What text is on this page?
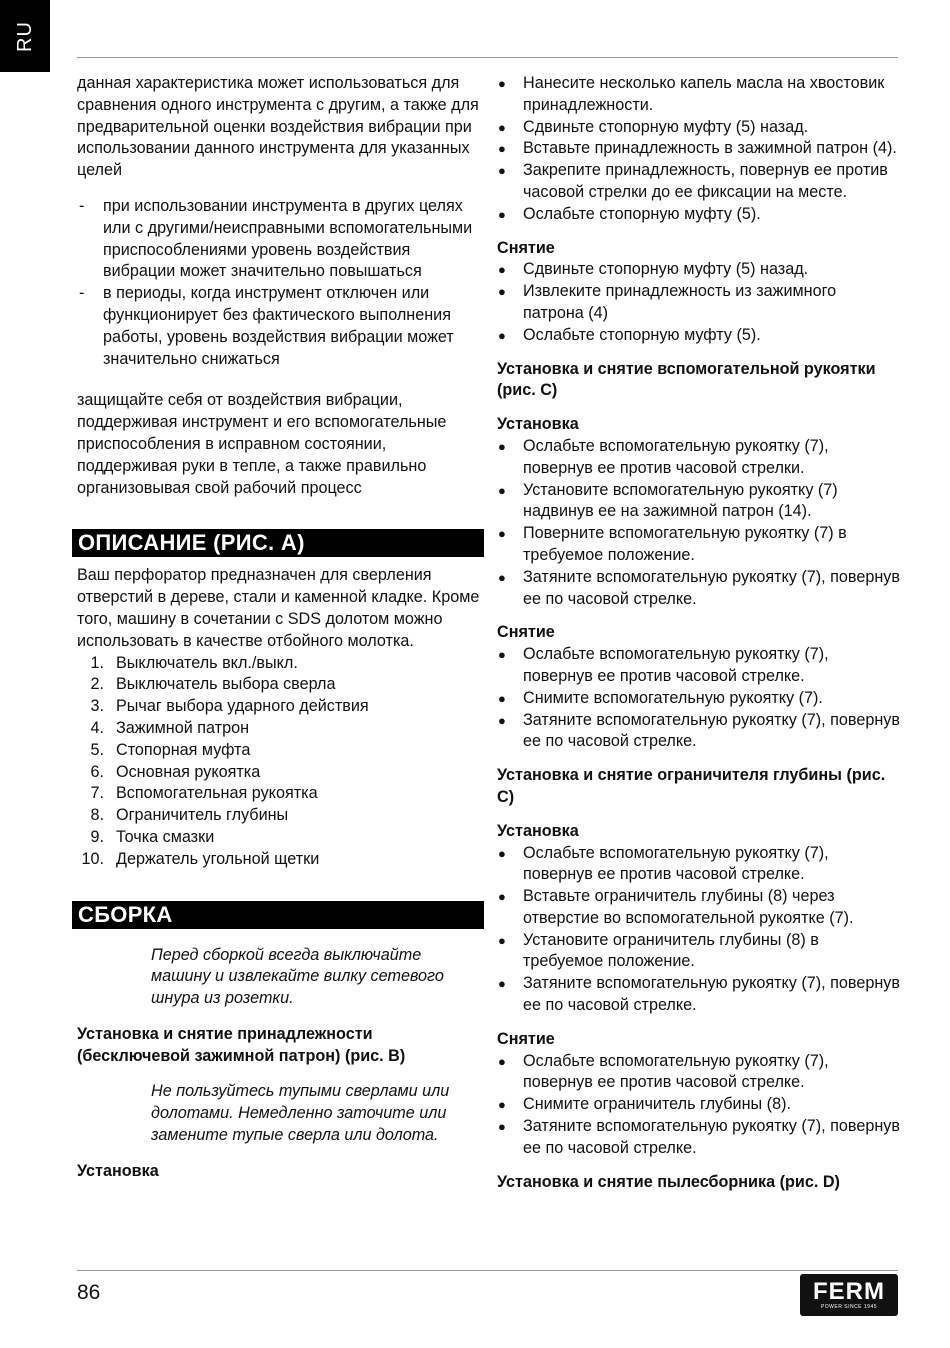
RU

данная характеристика может использоваться для сравнения одного инструмента с другим, а также для предварительной оценки воздействия вибрации при использовании данного инструмента для указанных целей

- при использовании инструмента в других целях или с другими/неисправными вспомогательными приспособлениями уровень воздействия вибрации может значительно повышаться
- в периоды, когда инструмент отключен или функционирует без фактического выполнения работы, уровень воздействия вибрации может значительно снижаться

защищайте себя от воздействия вибрации, поддерживая инструмент и его вспомогательные приспособления в исправном состоянии, поддерживая руки в тепле, а также правильно организовывая свой рабочий процесс

ОПИСАНИЕ (РИС. A)

Ваш перфоратор предназначен для сверления отверстий в дереве, стали и каменной кладке. Кроме того, машину в сочетании с SDS долотом можно использовать в качестве отбойного молотка.

1. Выключатель вкл./выкл.
2. Выключатель выбора сверла
3. Рычаг выбора ударного действия
4. Зажимной патрон
5. Стопорная муфта
6. Основная рукоятка
7. Вспомогательная рукоятка
8. Ограничитель глубины
9. Точка смазки
10. Держатель угольной щетки
СБОРКА

Перед сборкой всегда выключайте машину и извлекайте вилку сетевого шнура из розетки.

Установка и снятие принадлежности (бесключевой зажимной патрон) (рис. B)

Не пользуйтесь тупыми сверлами или долотами. Немедленно заточите или замените тупые сверла или долота.

Установка

● Нанесите несколько капель масла на хвостовик принадлежности.
● Сдвиньте стопорную муфту (5) назад.
● Вставьте принадлежность в зажимной патрон (4).
● Закрепите принадлежность, повернув ее против часовой стрелки до ее фиксации на месте.
● Ослабьте стопорную муфту (5).

Снятие

● Сдвиньте стопорную муфту (5) назад.
● Извлеките принадлежность из зажимного патрона (4)
● Ослабьте стопорную муфту (5).

Установка и снятие вспомогательной рукоятки (рис. C)

Установка

● Ослабьте вспомогательную рукоятку (7), повернув ее против часовой стрелки.
● Установите вспомогательную рукоятку (7) надвинув ее на зажимной патрон (14).
● Поверните вспомогательную рукоятку (7) в требуемое положение.
● Затяните вспомогательную рукоятку (7), повернув ее по часовой стрелке.

Снятие

● Ослабьте вспомогательную рукоятку (7), повернув ее против часовой стрелке.
● Снимите вспомогательную рукоятку (7).
● Затяните вспомогательную рукоятку (7), повернув ее по часовой стрелке.

Установка и снятие ограничителя глубины (рис. C)

Установка

● Ослабьте вспомогательную рукоятку (7), повернув ее против часовой стрелке.
● Вставьте ограничитель глубины (8) через отверстие во вспомогательной рукоятке (7).
● Установите ограничитель глубины (8) в требуемое положение.
● Затяните вспомогательную рукоятку (7), повернув ее по часовой стрелке.

Снятие

● Ослабьте вспомогательную рукоятку (7), повернув ее против часовой стрелке.
● Снимите ограничитель глубины (8).
● Затяните вспомогательную рукоятку (7), повернув ее по часовой стрелке.

Установка и снятие пылесборника (рис. D)

86	FERM
POWER SINCE 1945
